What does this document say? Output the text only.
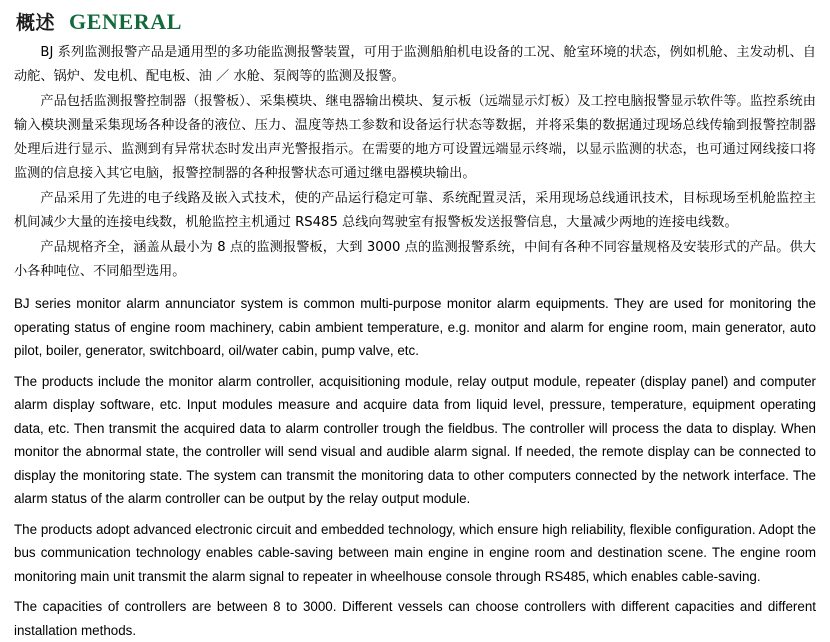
概述 GENERAL

BJ 系列监测报警产品是通用型的多功能监测报警装置，可用于监测船舶机电设备的工况、舱室环境的状态，例如机舱、主发动机、自动舵、锅炉、发电机、配电板、油 ／ 水舱、泵阀等的监测及报警。

产品包括监测报警控制器（报警板）、采集模块、继电器输出模块、复示板（远端显示灯板）及工控电脑报警显示软件等。监控系统由输入模块测量采集现场各种设备的液位、压力、温度等热工参数和设备运行状态等数据，并将采集的数据通过现场总线传输到报警控制器处理后进行显示、监测到有异常状态时发出声光警报指示。在需要的地方可设置远端显示终端，以显示监测的状态，也可通过网线接口将监测的信息接入其它电脑，报警控制器的各种报警状态可通过继电器模块输出。

产品采用了先进的电子线路及嵌入式技术，使的产品运行稳定可靠、系统配置灵活，采用现场总线通讯技术，目标现场至机舱监控主机间减少大量的连接电线数，机舱监控主机通过 RS485 总线向驾驶室有报警板发送报警信息，大量减少两地的连接电线数。

产品规格齐全，涵盖从最小为 8 点的监测报警板，大到 3000 点的监测报警系统，中间有各种不同容量规格及安装形式的产品。供大小各种吨位、不同船型选用。

BJ series monitor alarm annunciator system is common multi-purpose monitor alarm equipments. They are used for monitoring the operating status of engine room machinery, cabin ambient temperature, e.g. monitor and alarm for engine room, main generator, auto pilot, boiler, generator, switchboard, oil/water cabin, pump valve, etc.

The products include the monitor alarm controller, acquisitioning module, relay output module, repeater (display panel) and computer alarm display software, etc. Input modules measure and acquire data from liquid level, pressure, temperature, equipment operating data, etc. Then transmit the acquired data to alarm controller trough the fieldbus. The controller will process the data to display. When monitor the abnormal state, the controller will send visual and audible alarm signal. If needed, the remote display can be connected to display the monitoring state. The system can transmit the monitoring data to other computers connected by the network interface. The alarm status of the alarm controller can be output by the relay output module.

The products adopt advanced electronic circuit and embedded technology, which ensure high reliability, flexible configuration. Adopt the bus communication technology enables cable-saving between main engine in engine room and destination scene. The engine room monitoring main unit transmit the alarm signal to repeater in wheelhouse console through RS485, which enables cable-saving.

The capacities of controllers are between 8 to 3000. Different vessels can choose controllers with different capacities and different installation methods.
